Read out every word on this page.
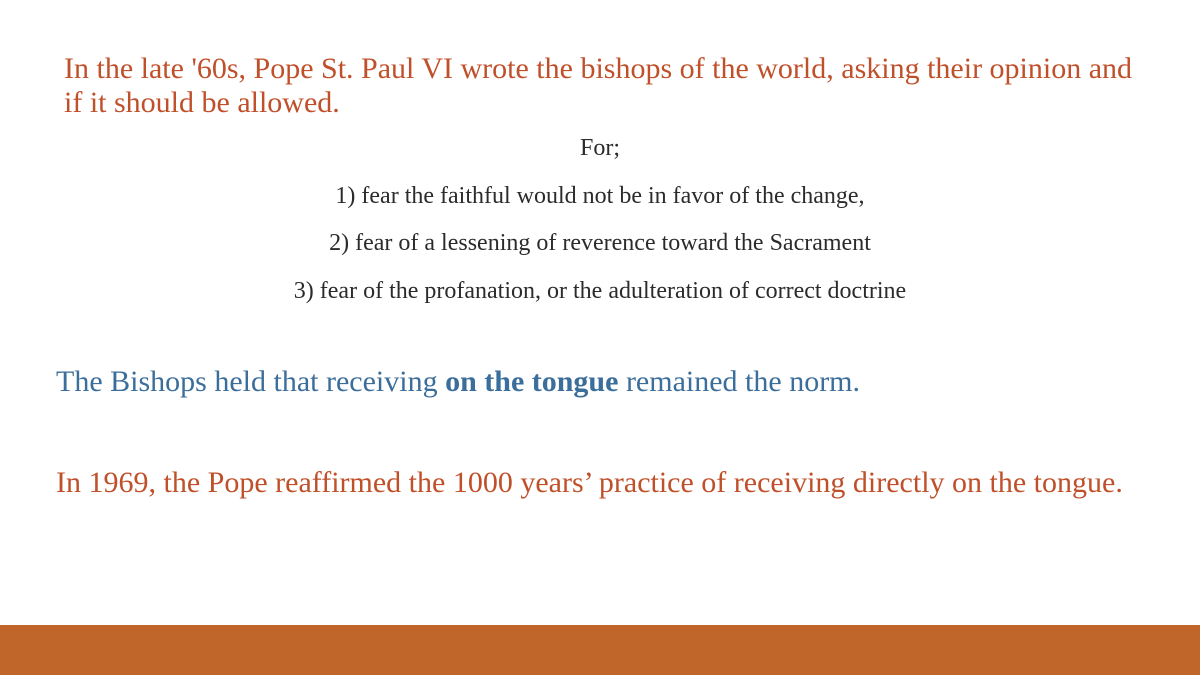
In the late '60s, Pope St. Paul VI wrote the bishops of the world, asking their opinion and if it should be allowed.

For;

1) fear the faithful would not be in favor of the change,

2) fear of a lessening of reverence toward the Sacrament

3) fear of the profanation, or the adulteration of correct doctrine

The Bishops held that receiving on the tongue remained the norm.

In 1969, the Pope reaffirmed the 1000 years’ practice of receiving directly on the tongue.
